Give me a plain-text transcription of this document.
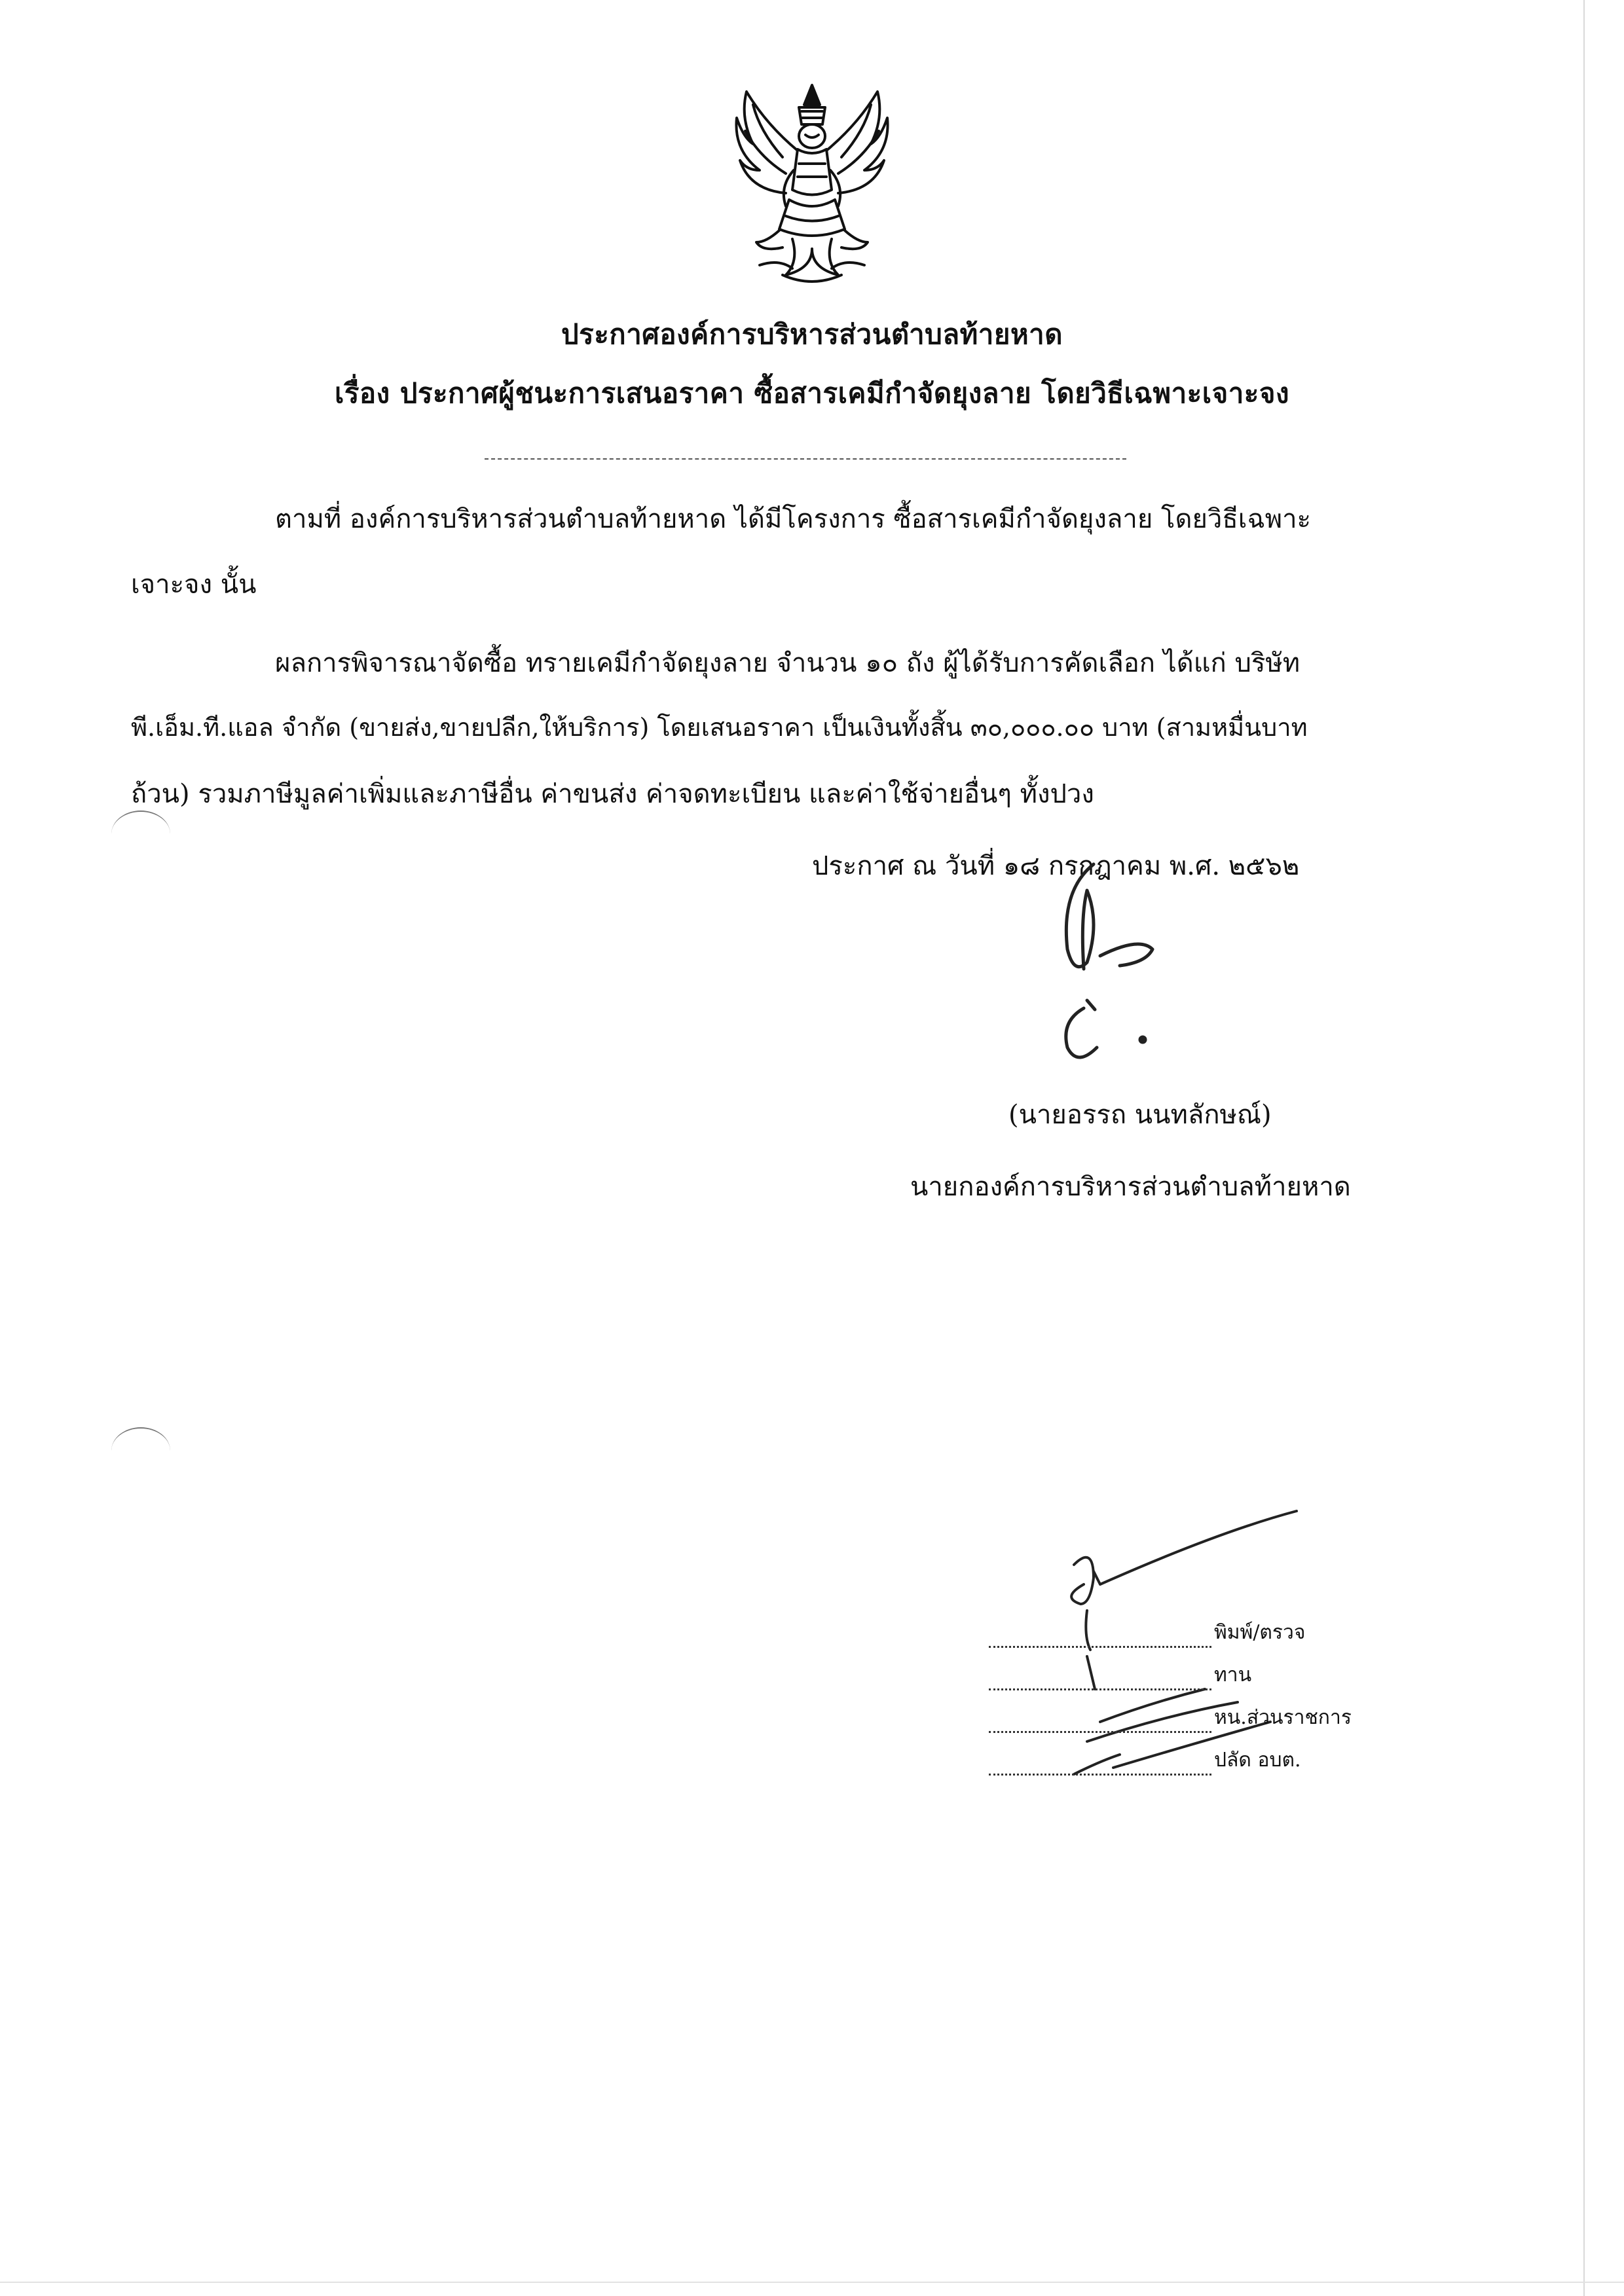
ประกาศองค์การบริหารส่วนตำบลท้ายหาด
เรื่อง ประกาศผู้ชนะการเสนอราคา ซื้อสารเคมีกำจัดยุงลาย โดยวิธีเฉพาะเจาะจง
ตามที่ องค์การบริหารส่วนตำบลท้ายหาด ได้มีโครงการ ซื้อสารเคมีกำจัดยุงลาย โดยวิธีเฉพาะ
เจาะจง นั้น
ผลการพิจารณาจัดซื้อ ทรายเคมีกำจัดยุงลาย จำนวน ๑๐ ถัง ผู้ได้รับการคัดเลือก ได้แก่ บริษัท
พี.เอ็ม.ที.แอล จำกัด (ขายส่ง,ขายปลีก,ให้บริการ) โดยเสนอราคา เป็นเงินทั้งสิ้น ๓๐,๐๐๐.๐๐ บาท (สามหมื่นบาท
ถ้วน) รวมภาษีมูลค่าเพิ่มและภาษีอื่น ค่าขนส่ง ค่าจดทะเบียน และค่าใช้จ่ายอื่นๆ ทั้งปวง
ประกาศ ณ วันที่ ๑๘ กรกฎาคม พ.ศ. ๒๕๖๒
(นายอรรถ นนทลักษณ์)
นายกองค์การบริหารส่วนตำบลท้ายหาด
พิมพ์/ตรวจ
ทาน
หน.ส่วนราชการ
ปลัด อบต.
